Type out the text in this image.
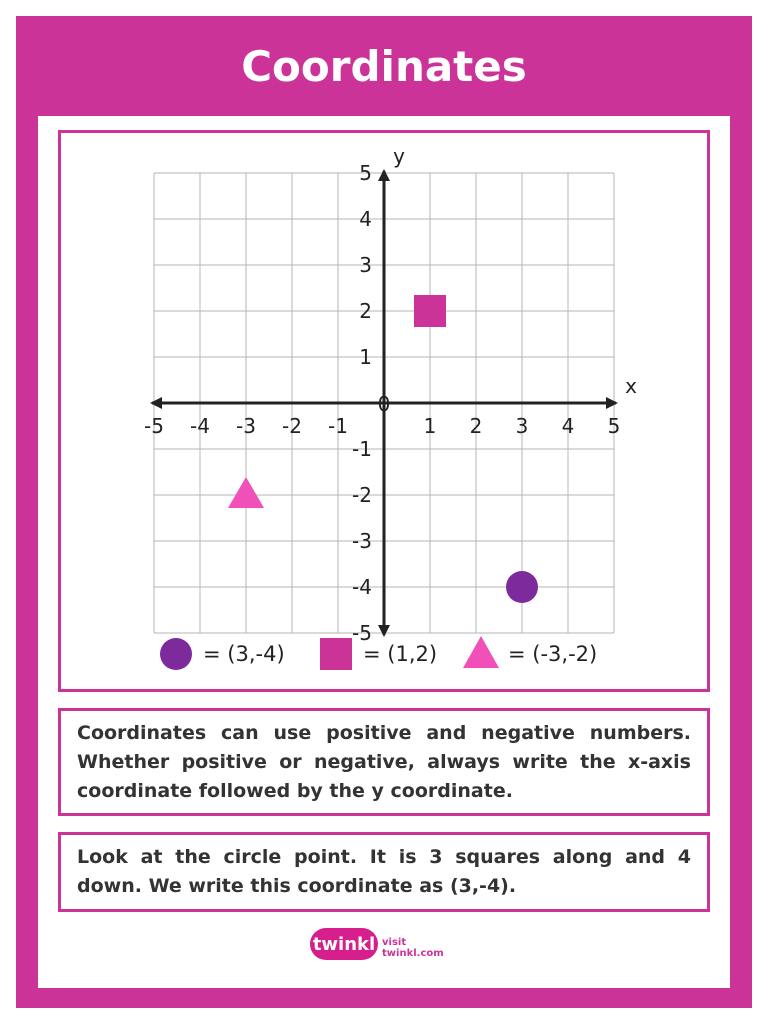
Coordinates
x
y
-5 -4 -3 -2 -1	1 2 3 4 5
5
4
3
2
1
-1
-2
-3
-4
-5
0
= (3,-4)	= (1,2)	= (-3,-2)
Coordinates can use positive and negative numbers. Whether positive or negative, always write the x-axis coordinate followed by the y coordinate.
Look at the circle point. It is 3 squares along and 4 down. We write this coordinate as (3,-4).
twinkl visit twinkl.com
